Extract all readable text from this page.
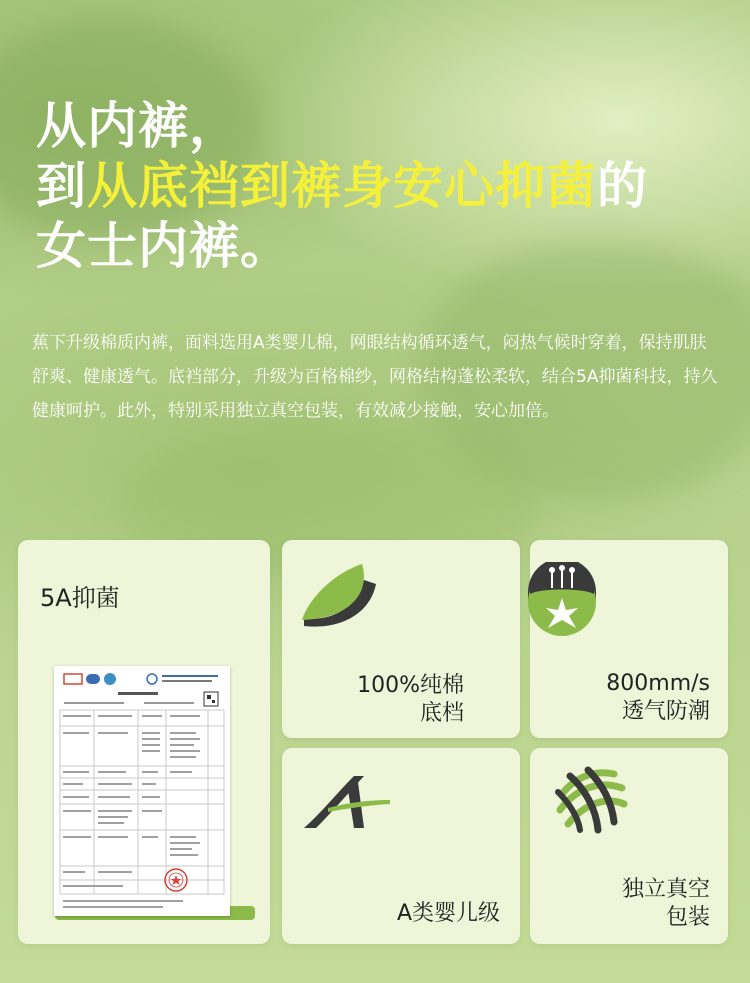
从内裤，
到从底裆到裤身安心抑菌的
女士内裤。
蕉下升级棉质内裤，面料选用A类婴儿棉，网眼结构循环透气，闷热气候时穿着，保持肌肤舒爽、健康透气。底裆部分，升级为百格棉纱，网格结构蓬松柔软，结合5A抑菌科技，持久健康呵护。此外，特别采用独立真空包装，有效减少接触，安心加倍。
5A抑菌
100%纯棉
底档
800mm/s
透气防潮
A类婴儿级
独立真空
包装
